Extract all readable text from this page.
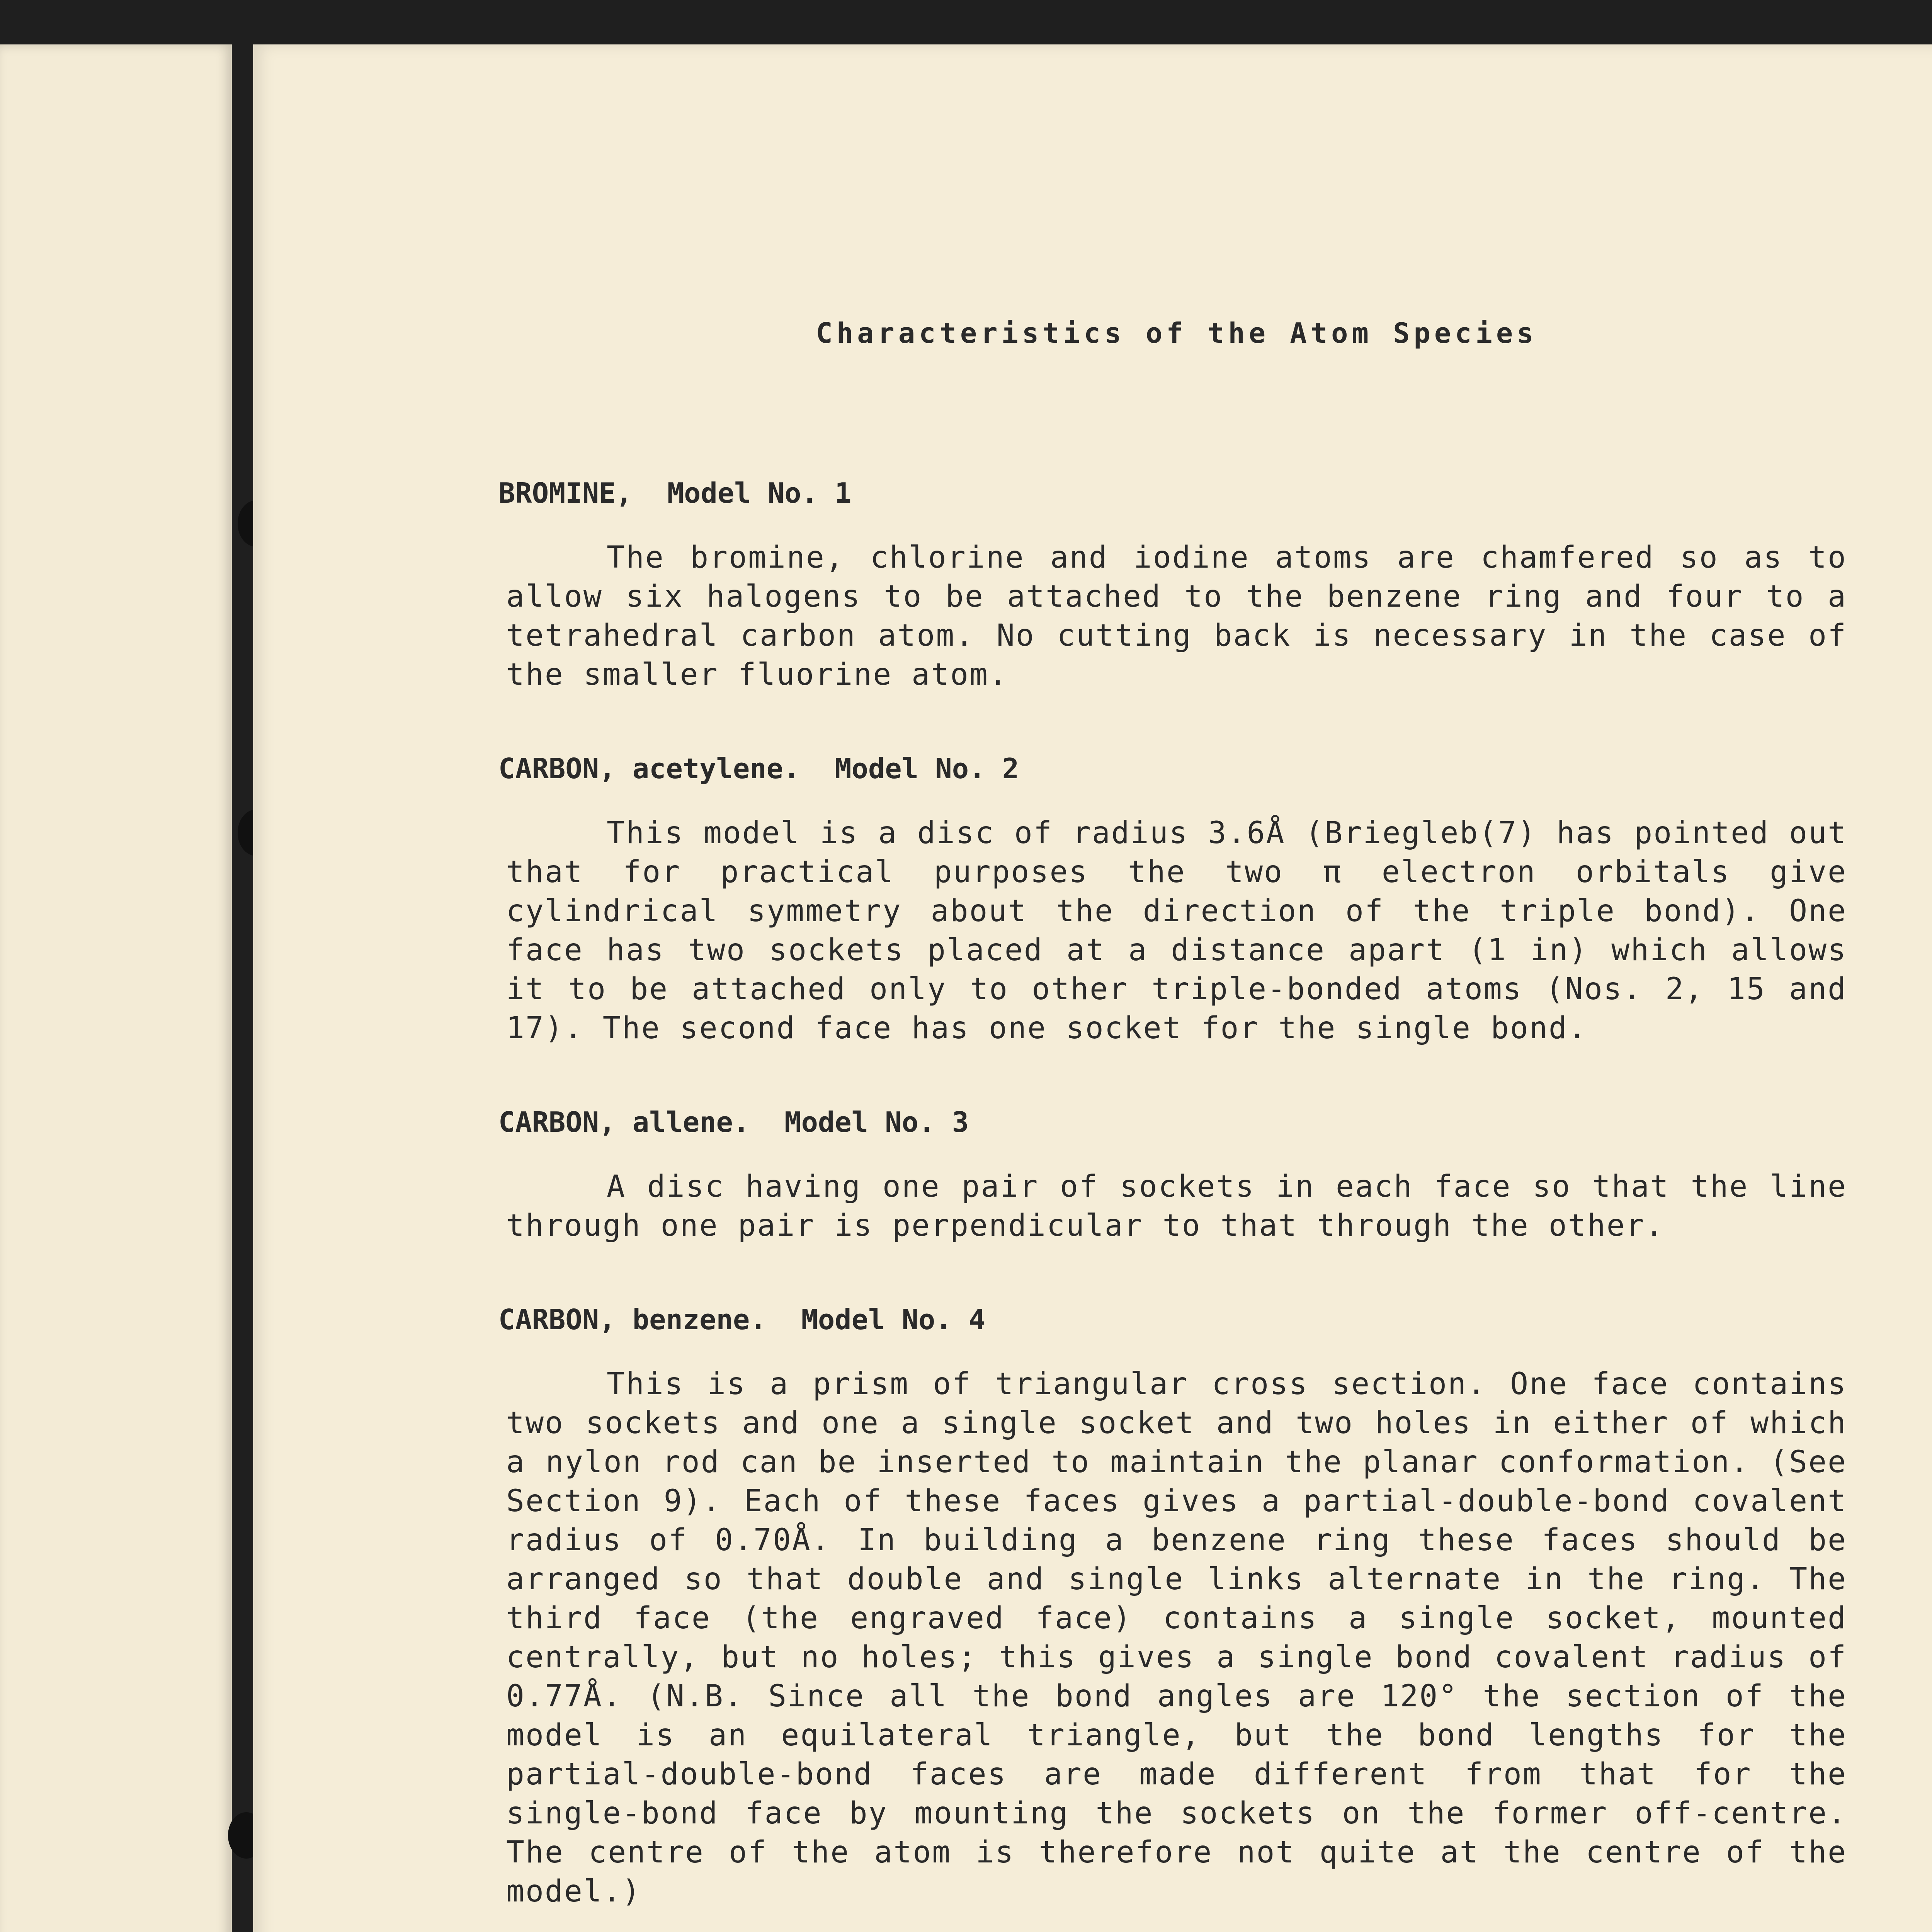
Characteristics of the Atom Species
BROMINE, Model No. 1

The bromine, chlorine and iodine atoms are chamfered so as to allow six halogens to be attached to the benzene ring and four to a tetrahedral carbon atom. No cutting back is necessary in the case of the smaller fluorine atom.

CARBON, acetylene. Model No. 2

This model is a disc of radius 3.6Å (Briegleb(7) has pointed out that for practical purposes the two π electron orbitals give cylindrical symmetry about the direction of the triple bond). One face has two sockets placed at a distance apart (1 in) which allows it to be attached only to other triple-bonded atoms (Nos. 2, 15 and 17). The second face has one socket for the single bond.

CARBON, allene. Model No. 3

A disc having one pair of sockets in each face so that the line through one pair is perpendicular to that through the other.

CARBON, benzene. Model No. 4

This is a prism of triangular cross section. One face contains two sockets and one a single socket and two holes in either of which a nylon rod can be inserted to maintain the planar conformation. (See Section 9). Each of these faces gives a partial-double-bond covalent radius of 0.70Å. In building a benzene ring these faces should be arranged so that double and single links alternate in the ring. The third face (the engraved face) contains a single socket, mounted centrally, but no holes; this gives a single bond covalent radius of 0.77Å. (N.B. Since all the bond angles are 120° the section of the model is an equilateral triangle, but the bond lengths for the partial-double-bond faces are made different from that for the single-bond face by mounting the sockets on the former off-centre. The centre of the atom is therefore not quite at the centre of the model.)
